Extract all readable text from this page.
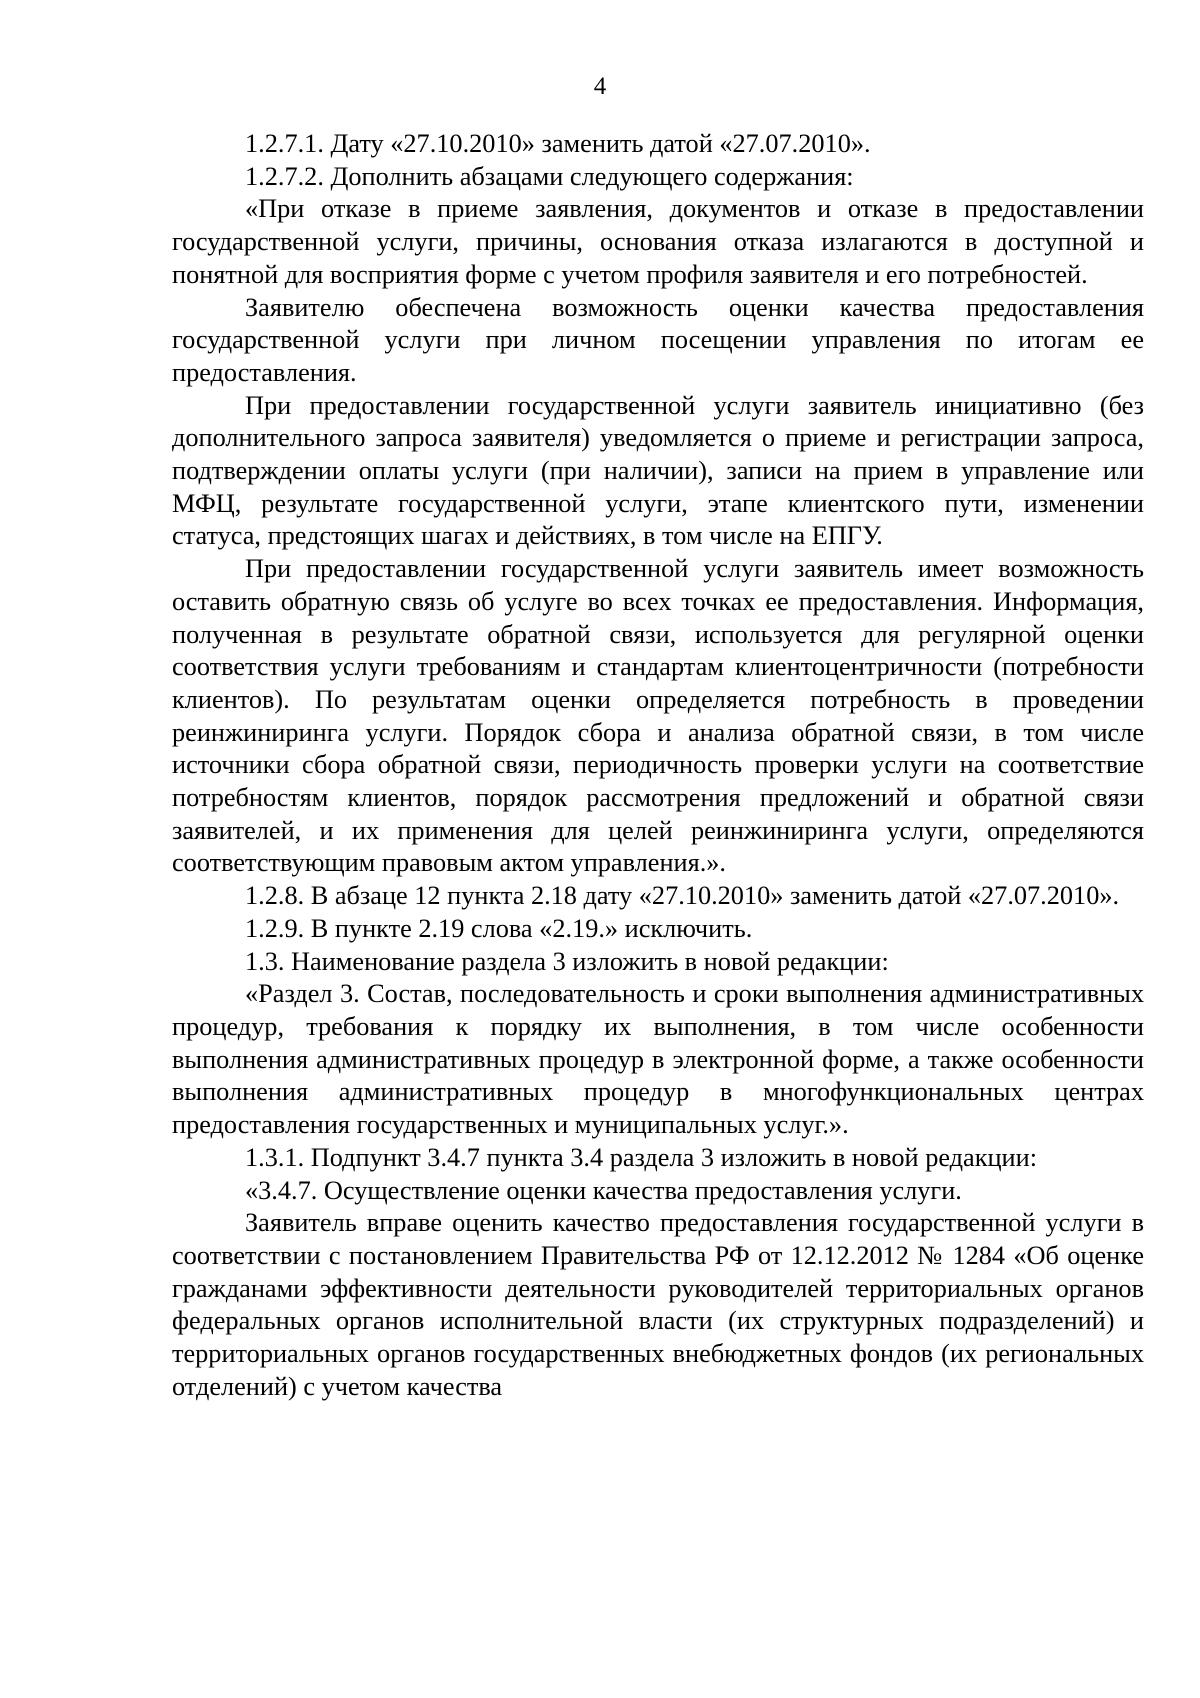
4

1.2.7.1. Дату «27.10.2010» заменить датой «27.07.2010».

1.2.7.2. Дополнить абзацами следующего содержания:

«При отказе в приеме заявления, документов и отказе в предоставлении государственной услуги, причины, основания отказа излагаются в доступной и понятной для восприятия форме с учетом профиля заявителя и его потребностей.

Заявителю обеспечена возможность оценки качества предоставления государственной услуги при личном посещении управления по итогам ее предоставления.

При предоставлении государственной услуги заявитель инициативно (без дополнительного запроса заявителя) уведомляется о приеме и регистрации запроса, подтверждении оплаты услуги (при наличии), записи на прием в управление или МФЦ, результате государственной услуги, этапе клиентского пути, изменении статуса, предстоящих шагах и действиях, в том числе на ЕПГУ.

При предоставлении государственной услуги заявитель имеет возможность оставить обратную связь об услуге во всех точках ее предоставления. Информация, полученная в результате обратной связи, используется для регулярной оценки соответствия услуги требованиям и стандартам клиентоцентричности (потребности клиентов). По результатам оценки определяется потребность в проведении реинжиниринга услуги. Порядок сбора и анализа обратной связи, в том числе источники сбора обратной связи, периодичность проверки услуги на соответствие потребностям клиентов, порядок рассмотрения предложений и обратной связи заявителей, и их применения для целей реинжиниринга услуги, определяются соответствующим правовым актом управления.».

1.2.8. В абзаце 12 пункта 2.18 дату «27.10.2010» заменить датой «27.07.2010».

1.2.9. В пункте 2.19 слова «2.19.» исключить.

1.3. Наименование раздела 3 изложить в новой редакции:

«Раздел 3. Состав, последовательность и сроки выполнения административных процедур, требования к порядку их выполнения, в том числе особенности выполнения административных процедур в электронной форме, а также особенности выполнения административных процедур в многофункциональных центрах предоставления государственных и муниципальных услуг.».

1.3.1. Подпункт 3.4.7 пункта 3.4 раздела 3 изложить в новой редакции:

«3.4.7. Осуществление оценки качества предоставления услуги.

Заявитель вправе оценить качество предоставления государственной услуги в соответствии с постановлением Правительства РФ от 12.12.2012 № 1284 «Об оценке гражданами эффективности деятельности руководителей территориальных органов федеральных органов исполнительной власти (их структурных подразделений) и территориальных органов государственных внебюджетных фондов (их региональных отделений) с учетом качества
